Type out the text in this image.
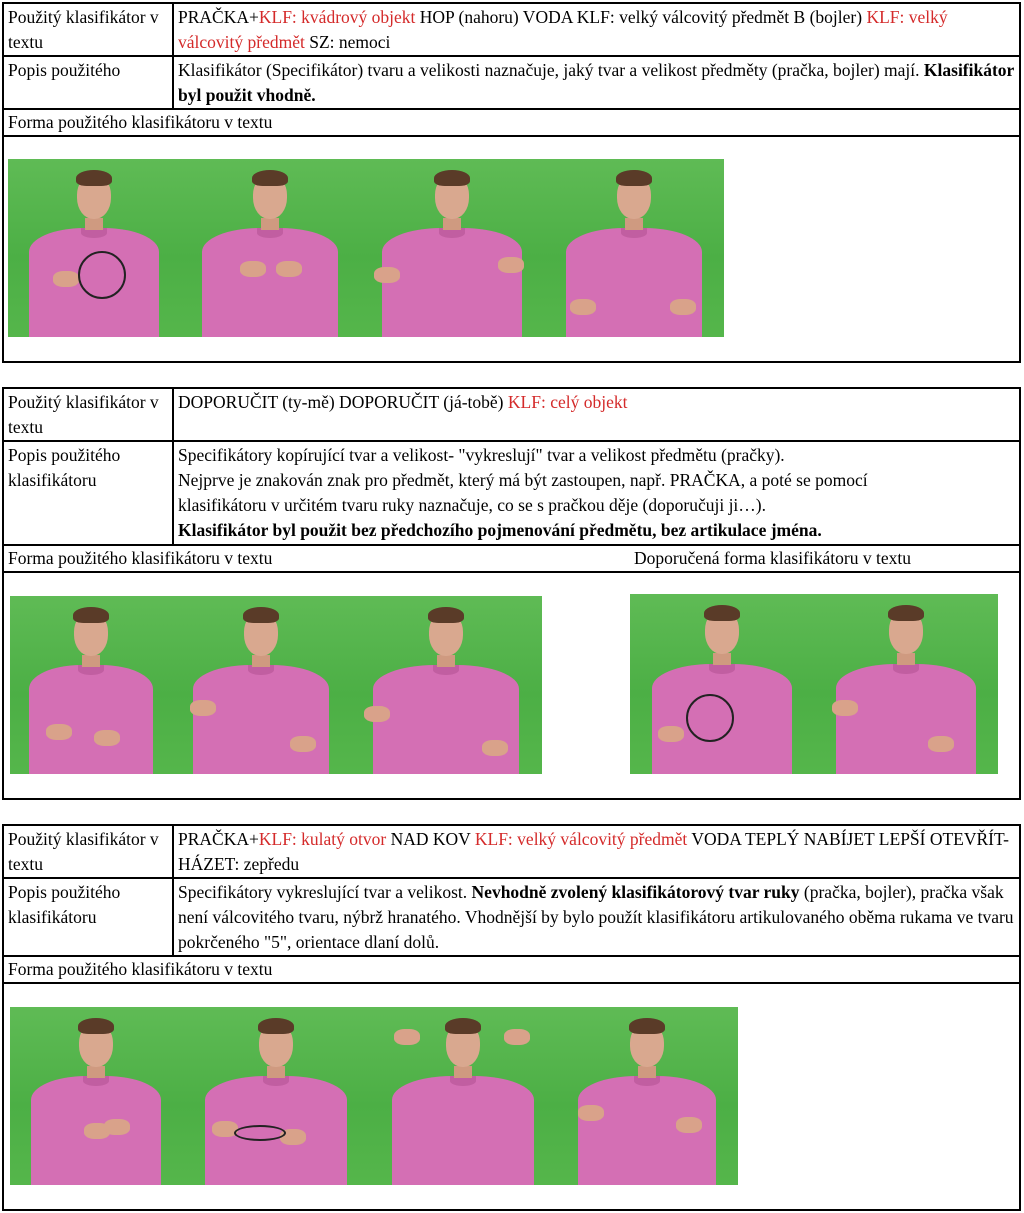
Použitý klasifikátor v textu	PRAČKA+KLF: kvádrový objekt HOP (nahoru) VODA KLF: velký válcovitý předmět B (bojler) KLF: velký válcovitý předmět SZ: nemoci
Popis použitého	Klasifikátor (Specifikátor) tvaru a velikosti naznačuje, jaký tvar a velikost předměty (pračka, bojler) mají. Klasifikátor byl použit vhodně.
Forma použitého klasifikátoru v textu
Použitý klasifikátor v textu	DOPORUČIT (ty-mě) DOPORUČIT (já-tobě) KLF: celý objekt
Popis použitého klasifikátoru	Specifikátory kopírující tvar a velikost- "vykreslují" tvar a velikost předmětu (pračky).
Nejprve je znakován znak pro předmět, který má být zastoupen, např. PRAČKA, a poté se pomocí
klasifikátoru v určitém tvaru ruky naznačuje, co se s pračkou děje (doporučuji ji…).
Klasifikátor byl použit bez předchozího pojmenování předmětu, bez artikulace jména.
Forma použitého klasifikátoru v textu	Doporučená forma klasifikátoru v textu
Použitý klasifikátor v textu	PRAČKA+KLF: kulatý otvor NAD KOV KLF: velký válcovitý předmět VODA TEPLÝ NABÍJET LEPŠÍ OTEVŘÍT-HÁZET: zepředu
Popis použitého klasifikátoru	Specifikátory vykreslující tvar a velikost. Nevhodně zvolený klasifikátorový tvar ruky (pračka, bojler), pračka však není válcovitého tvaru, nýbrž hranatého. Vhodnější by bylo použít klasifikátoru artikulovaného oběma rukama ve tvaru pokrčeného "5", orientace dlaní dolů.
Forma použitého klasifikátoru v textu
